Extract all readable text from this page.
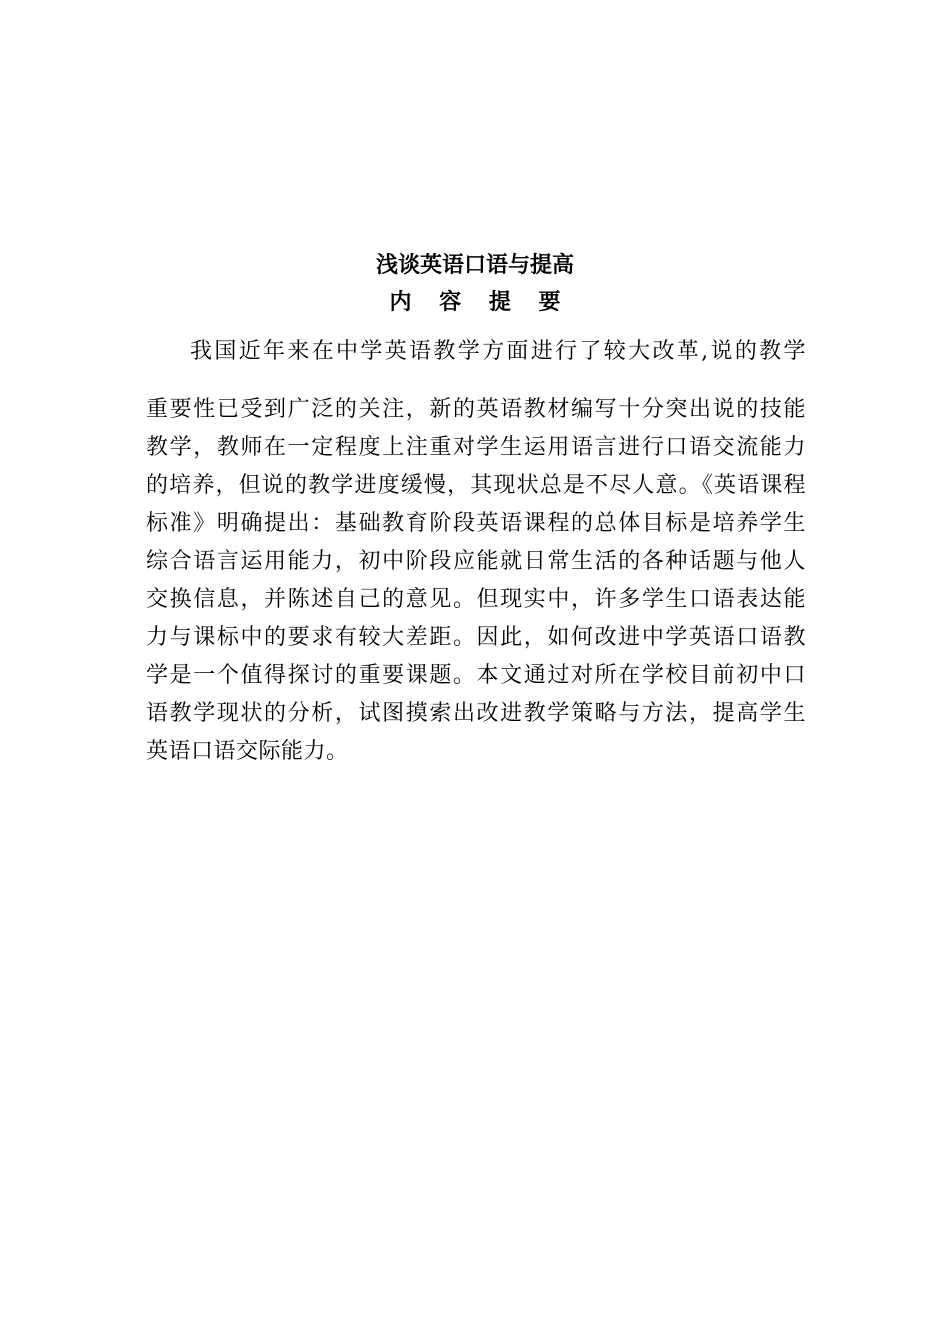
浅谈英语口语与提高
内 容 提 要
我国近年来在中学英语教学方面进行了较大改革,说的教学
重要性已受到广泛的关注，新的英语教材编写十分突出说的技能
教学，教师在一定程度上注重对学生运用语言进行口语交流能力
的培养，但说的教学进度缓慢，其现状总是不尽人意。《英语课程
标准》明确提出：基础教育阶段英语课程的总体目标是培养学生
综合语言运用能力，初中阶段应能就日常生活的各种话题与他人
交换信息，并陈述自己的意见。但现实中，许多学生口语表达能
力与课标中的要求有较大差距。因此，如何改进中学英语口语教
学是一个值得探讨的重要课题。本文通过对所在学校目前初中口
语教学现状的分析，试图摸索出改进教学策略与方法，提高学生
英语口语交际能力。
